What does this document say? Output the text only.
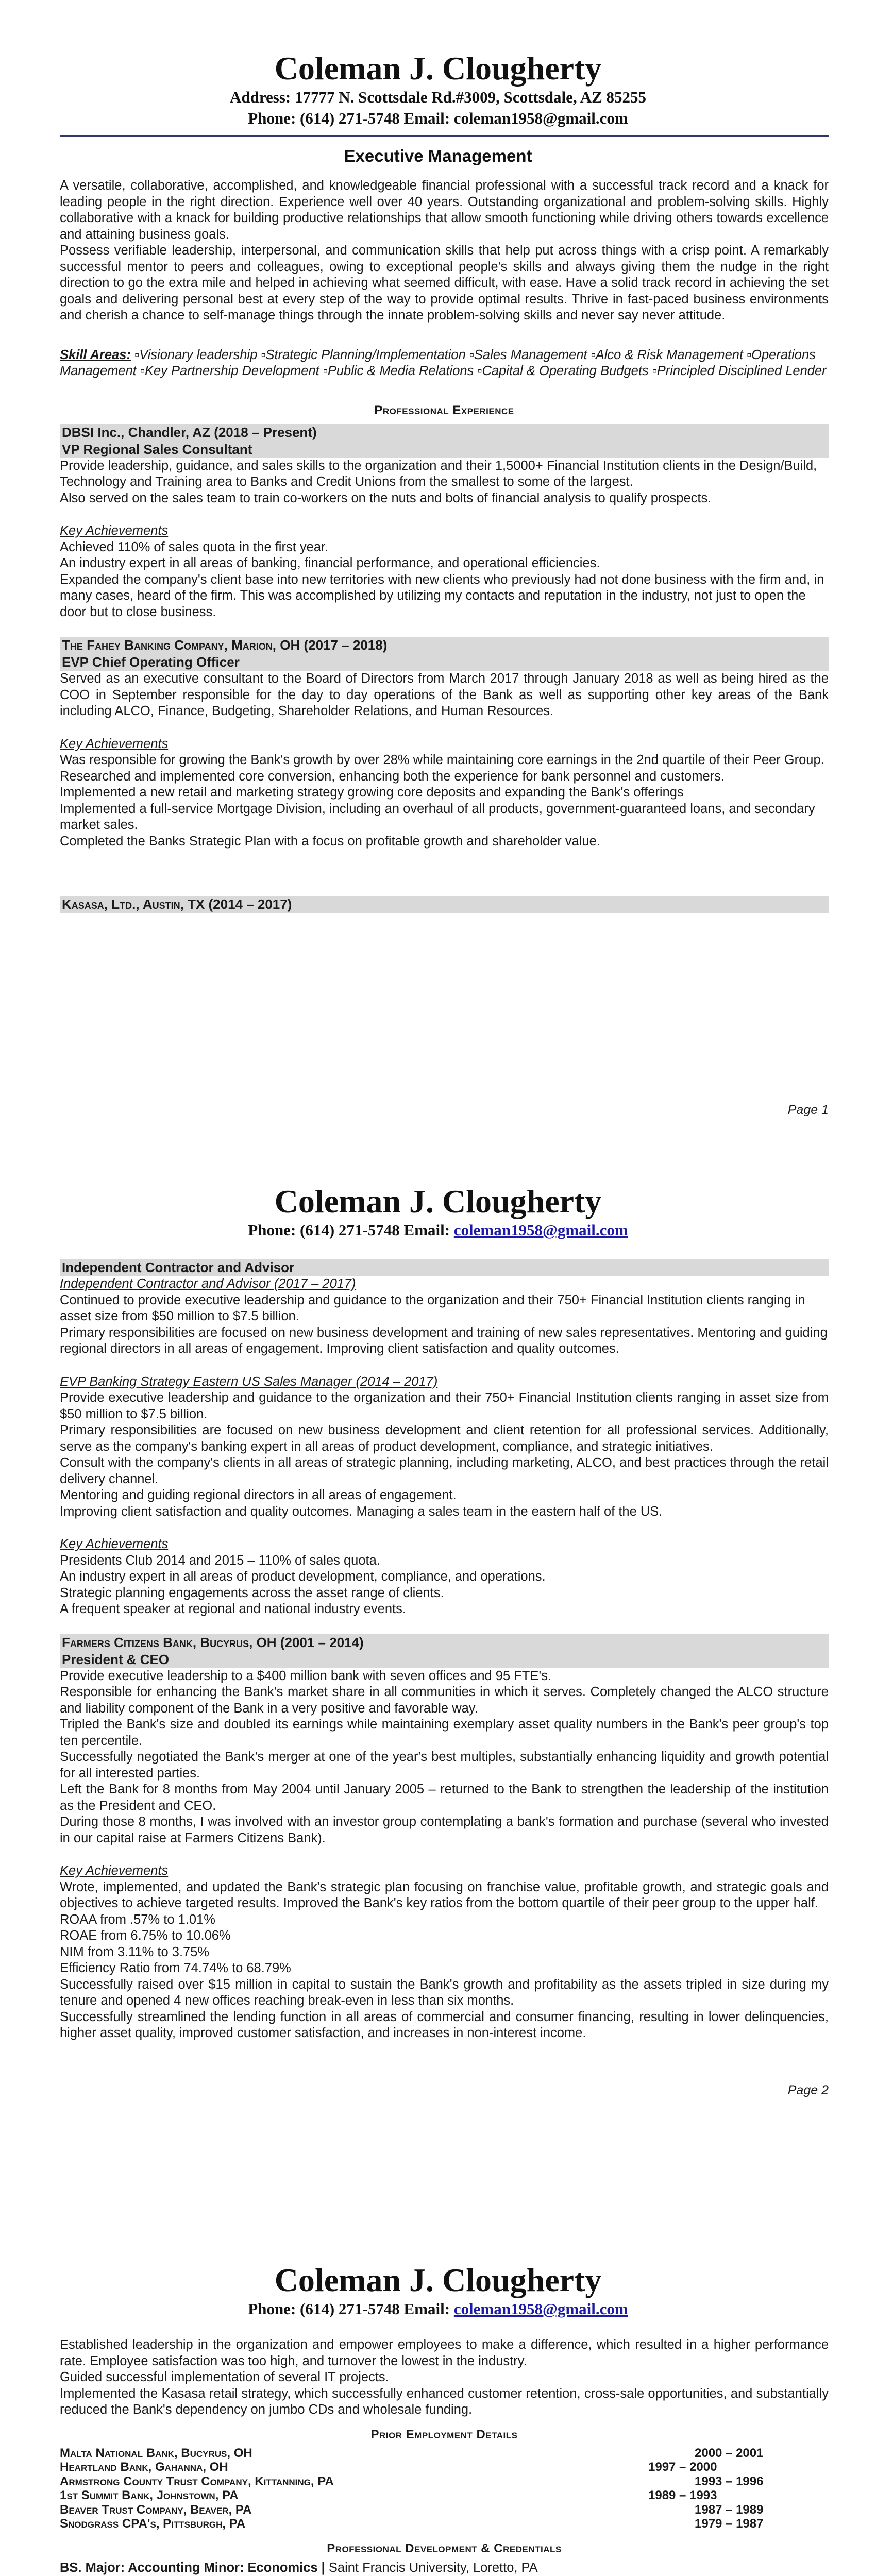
Coleman J. Clougherty
Address: 17777 N. Scottsdale Rd.#3009, Scottsdale, AZ 85255
Phone: (614) 271-5748 Email: coleman1958@gmail.com
Executive Management

A versatile, collaborative, accomplished, and knowledgeable financial professional with a successful track record and a knack for leading people in the right direction. Experience well over 40 years. Outstanding organizational and problem-solving skills. Highly collaborative with a knack for building productive relationships that allow smooth functioning while driving others towards excellence and attaining business goals.

Possess verifiable leadership, interpersonal, and communication skills that help put across things with a crisp point. A remarkably successful mentor to peers and colleagues, owing to exceptional people's skills and always giving them the nudge in the right direction to go the extra mile and helped in achieving what seemed difficult, with ease. Have a solid track record in achieving the set goals and delivering personal best at every step of the way to provide optimal results. Thrive in fast-paced business environments and cherish a chance to self-manage things through the innate problem-solving skills and never say never attitude.

Skill Areas: ▫Visionary leadership ▫Strategic Planning/Implementation ▫Sales Management ▫Alco & Risk Management ▫Operations Management ▫Key Partnership Development ▫Public & Media Relations ▫Capital & Operating Budgets ▫Principled Disciplined Lender
Professional Experience
DBSI Inc., Chandler, AZ (2018 – Present)
VP Regional Sales Consultant

Provide leadership, guidance, and sales skills to the organization and their 1,5000+ Financial Institution clients in the Design/Build, Technology and Training area to Banks and Credit Unions from the smallest to some of the largest.

Also served on the sales team to train co-workers on the nuts and bolts of financial analysis to qualify prospects.

Key Achievements

Achieved 110% of sales quota in the first year.

An industry expert in all areas of banking, financial performance, and operational efficiencies.

Expanded the company's client base into new territories with new clients who previously had not done business with the firm and, in many cases, heard of the firm. This was accomplished by utilizing my contacts and reputation in the industry, not just to open the door but to close business.

The Fahey Banking Company, Marion, OH (2017 – 2018)
EVP Chief Operating Officer

Served as an executive consultant to the Board of Directors from March 2017 through January 2018 as well as being hired as the COO in September responsible for the day to day operations of the Bank as well as supporting other key areas of the Bank including ALCO, Finance, Budgeting, Shareholder Relations, and Human Resources.

Key Achievements

Was responsible for growing the Bank's growth by over 28% while maintaining core earnings in the 2nd quartile of their Peer Group.

Researched and implemented core conversion, enhancing both the experience for bank personnel and customers.

Implemented a new retail and marketing strategy growing core deposits and expanding the Bank's offerings

Implemented a full-service Mortgage Division, including an overhaul of all products, government-guaranteed loans, and secondary market sales.

Completed the Banks Strategic Plan with a focus on profitable growth and shareholder value.

Kasasa, Ltd., Austin, TX (2014 – 2017)
Page 1
Coleman J. Clougherty
Phone: (614) 271-5748 Email: coleman1958@gmail.com
Independent Contractor and Advisor

Independent Contractor and Advisor (2017 – 2017)

Continued to provide executive leadership and guidance to the organization and their 750+ Financial Institution clients ranging in asset size from $50 million to $7.5 billion.

Primary responsibilities are focused on new business development and training of new sales representatives. Mentoring and guiding regional directors in all areas of engagement. Improving client satisfaction and quality outcomes.

EVP Banking Strategy Eastern US Sales Manager (2014 – 2017)

Provide executive leadership and guidance to the organization and their 750+ Financial Institution clients ranging in asset size from $50 million to $7.5 billion.

Primary responsibilities are focused on new business development and client retention for all professional services. Additionally, serve as the company's banking expert in all areas of product development, compliance, and strategic initiatives.

Consult with the company's clients in all areas of strategic planning, including marketing, ALCO, and best practices through the retail delivery channel.

Mentoring and guiding regional directors in all areas of engagement.

Improving client satisfaction and quality outcomes. Managing a sales team in the eastern half of the US.

Key Achievements

Presidents Club 2014 and 2015 – 110% of sales quota.

An industry expert in all areas of product development, compliance, and operations.

Strategic planning engagements across the asset range of clients.

A frequent speaker at regional and national industry events.

Farmers Citizens Bank, Bucyrus, OH (2001 – 2014)
President & CEO

Provide executive leadership to a $400 million bank with seven offices and 95 FTE's.

Responsible for enhancing the Bank's market share in all communities in which it serves. Completely changed the ALCO structure and liability component of the Bank in a very positive and favorable way.

Tripled the Bank's size and doubled its earnings while maintaining exemplary asset quality numbers in the Bank's peer group's top ten percentile.

Successfully negotiated the Bank's merger at one of the year's best multiples, substantially enhancing liquidity and growth potential for all interested parties.

Left the Bank for 8 months from May 2004 until January 2005 – returned to the Bank to strengthen the leadership of the institution as the President and CEO.

During those 8 months, I was involved with an investor group contemplating a bank's formation and purchase (several who invested in our capital raise at Farmers Citizens Bank).

Key Achievements

Wrote, implemented, and updated the Bank's strategic plan focusing on franchise value, profitable growth, and strategic goals and objectives to achieve targeted results. Improved the Bank's key ratios from the bottom quartile of their peer group to the upper half.

ROAA from .57% to 1.01%

ROAE from 6.75% to 10.06%

NIM from 3.11% to 3.75%

Efficiency Ratio from 74.74% to 68.79%

Successfully raised over $15 million in capital to sustain the Bank's growth and profitability as the assets tripled in size during my tenure and opened 4 new offices reaching break-even in less than six months.

Successfully streamlined the lending function in all areas of commercial and consumer financing, resulting in lower delinquencies, higher asset quality, improved customer satisfaction, and increases in non-interest income.

Page 2
Coleman J. Clougherty
Phone: (614) 271-5748 Email: coleman1958@gmail.com

Established leadership in the organization and empower employees to make a difference, which resulted in a higher performance rate. Employee satisfaction was too high, and turnover the lowest in the industry.

Guided successful implementation of several IT projects.

Implemented the Kasasa retail strategy, which successfully enhanced customer retention, cross-sale opportunities, and substantially reduced the Bank's dependency on jumbo CDs and wholesale funding.

Prior Employment Details
Malta National Bank, Bucyrus, OH	2000 – 2001
Heartland Bank, Gahanna, OH	1997 – 2000
Armstrong County Trust Company, Kittanning, PA	1993 – 1996
1st Summit Bank, Johnstown, PA	1989 – 1993
Beaver Trust Company, Beaver, PA	1987 – 1989
Snodgrass CPA's, Pittsburgh, PA	1979 – 1987
Professional Development & Credentials

BS. Major: Accounting Minor: Economics | Saint Francis University, Loretto, PA
